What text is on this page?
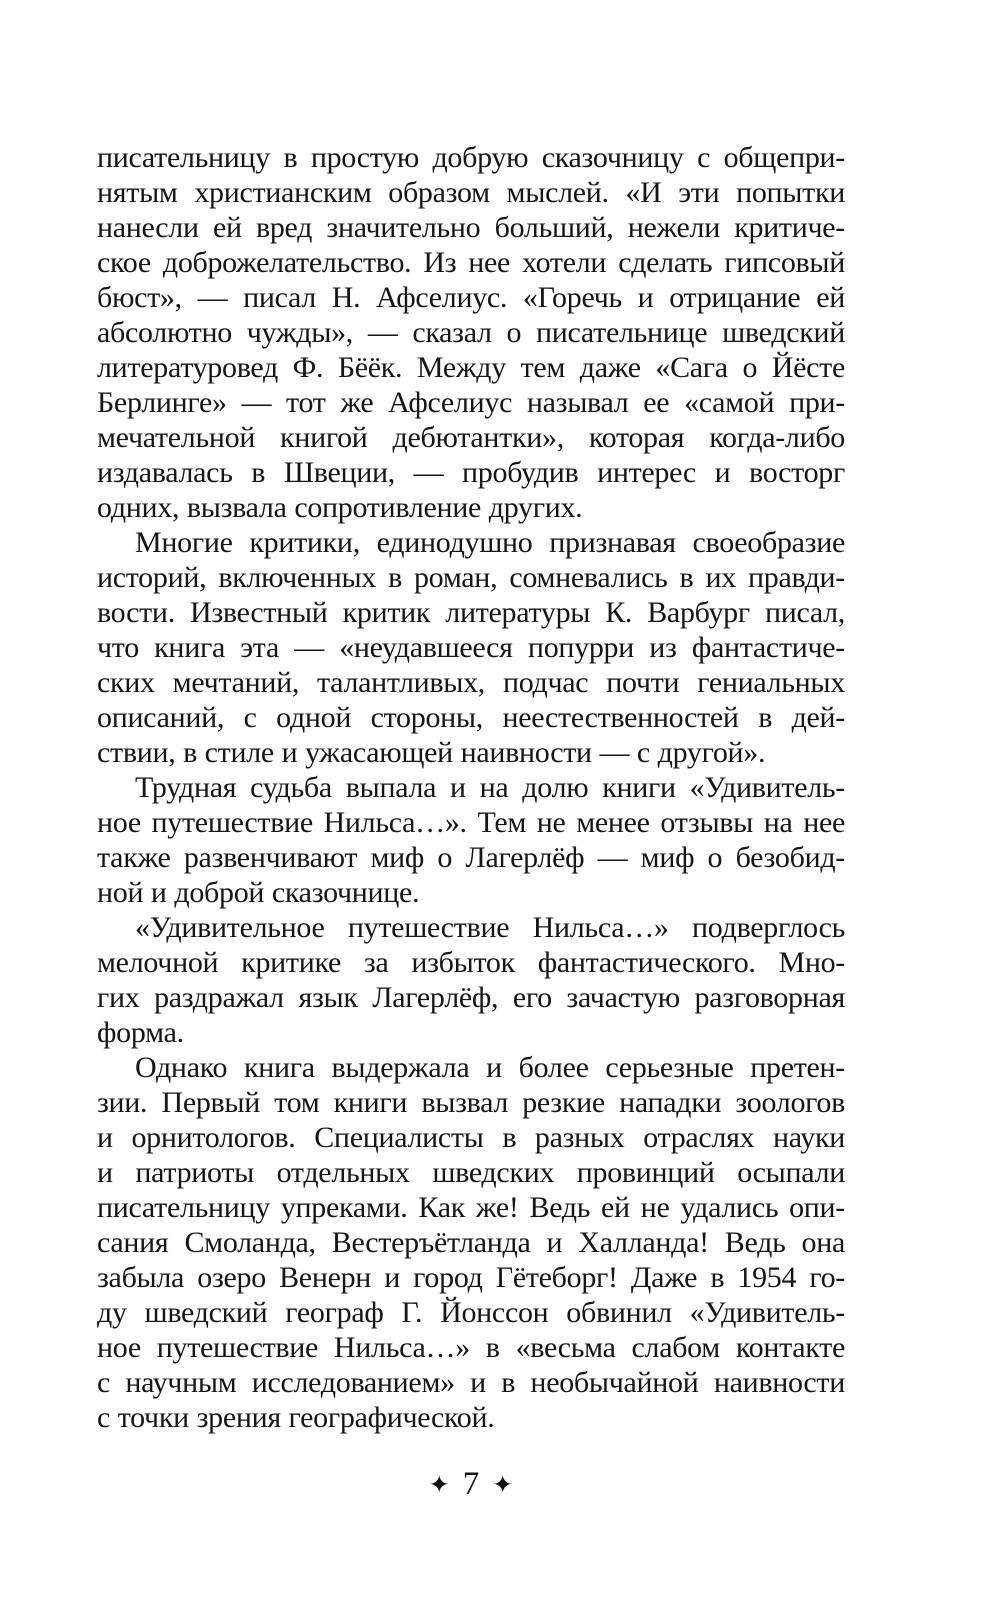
писательницу в простую добрую сказочницу с общепри-
нятым христианским образом мыслей. «И эти попытки
нанесли ей вред значительно больший, нежели критиче-
ское доброжелательство. Из нее хотели сделать гипсовый
бюст», — писал Н. Афселиус. «Горечь и отрицание ей
абсолютно чужды», — сказал о писательнице шведский
литературовед Ф. Бёёк. Между тем даже «Сага о Йёсте
Берлинге» — тот же Афселиус называл ее «самой при-
мечательной книгой дебютантки», которая когда-либо
издавалась в Швеции, — пробудив интерес и восторг
одних, вызвала сопротивление других.
Многие критики, единодушно признавая своеобразие
историй, включенных в роман, сомневались в их правди-
вости. Известный критик литературы К. Варбург писал,
что книга эта — «неудавшееся попурри из фантастиче-
ских мечтаний, талантливых, подчас почти гениальных
описаний, с одной стороны, неестественностей в дей-
ствии, в стиле и ужасающей наивности — с другой».
Трудная судьба выпала и на долю книги «Удивитель-
ное путешествие Нильса…». Тем не менее отзывы на нее
также развенчивают миф о Лагерлёф — миф о безобид-
ной и доброй сказочнице.
«Удивительное путешествие Нильса…» подверглось
мелочной критике за избыток фантастического. Мно-
гих раздражал язык Лагерлёф, его зачастую разговорная
форма.
Однако книга выдержала и более серьезные претен-
зии. Первый том книги вызвал резкие нападки зоологов
и орнитологов. Специалисты в разных отраслях науки
и патриоты отдельных шведских провинций осыпали
писательницу упреками. Как же! Ведь ей не удались опи-
сания Смоланда, Вестеръётланда и Халланда! Ведь она
забыла озеро Венерн и город Гётеборг! Даже в 1954 го-
ду шведский географ Г. Йонссон обвинил «Удивитель-
ное путешествие Нильса…» в «весьма слабом контакте
с научным исследованием» и в необычайной наивности
с точки зрения географической.
✦ 7 ✦
